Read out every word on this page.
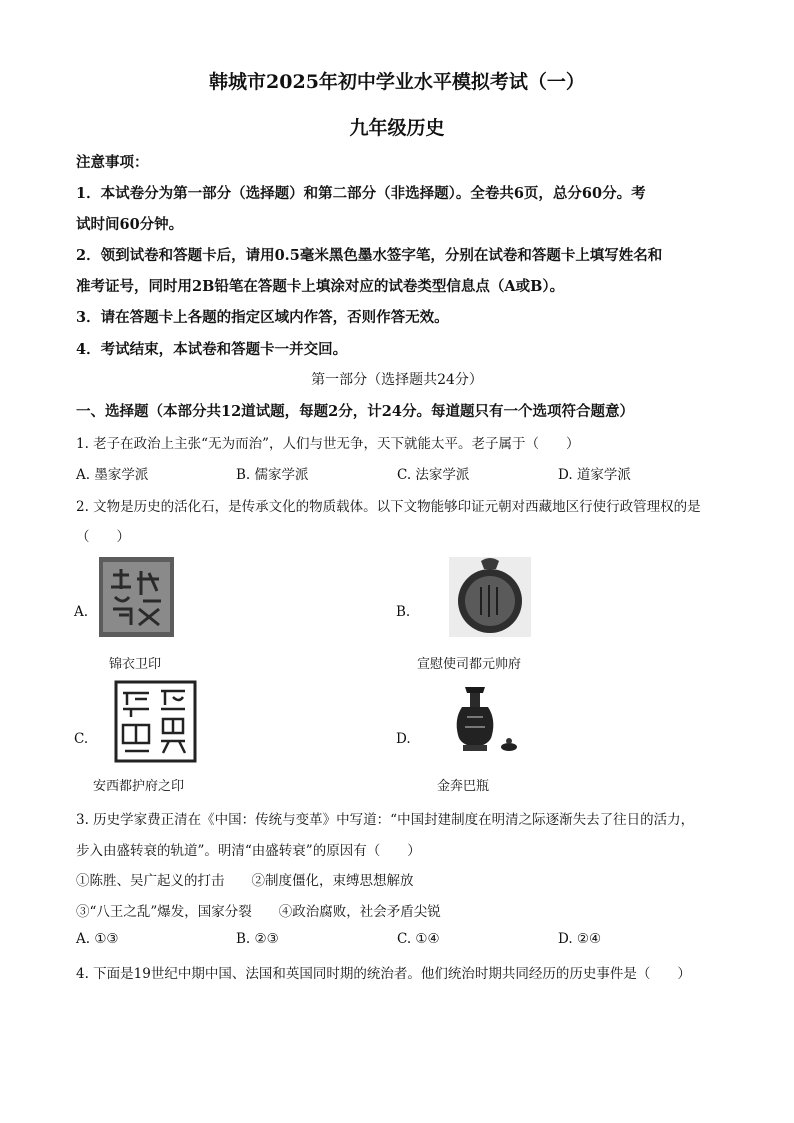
韩城市2025年初中学业水平模拟考试（一）
九年级历史
注意事项：
1．本试卷分为第一部分（选择题）和第二部分（非选择题）。全卷共6页，总分60分。考
试时间60分钟。
2．领到试卷和答题卡后，请用0.5毫米黑色墨水签字笔，分别在试卷和答题卡上填写姓名和
准考证号，同时用2B铅笔在答题卡上填涂对应的试卷类型信息点（A或B）。
3．请在答题卡上各题的指定区域内作答，否则作答无效。
4．考试结束，本试卷和答题卡一并交回。
第一部分（选择题共24分）
一、选择题（本部分共12道试题，每题2分，计24分。每道题只有一个选项符合题意）
1. 老子在政治上主张“无为而治”，人们与世无争，天下就能太平。老子属于（　　）
A. 墨家学派	B. 儒家学派	C. 法家学派	D. 道家学派
2. 文物是历史的活化石，是传承文化的物质载体。以下文物能够印证元朝对西藏地区行使行政管理权的是
（　　）
A.
锦衣卫印
B.
宣慰使司都元帅府
C.
安西都护府之印
D.
金奔巴瓶
3. 历史学家费正清在《中国：传统与变革》中写道：“中国封建制度在明清之际逐渐失去了往日的活力，
步入由盛转衰的轨道”。明清“由盛转衰”的原因有（　　）
①陈胜、吴广起义的打击　　②制度僵化，束缚思想解放
③“八王之乱”爆发，国家分裂　　④政治腐败，社会矛盾尖锐
A. ①③	B. ②③	C. ①④	D. ②④
4. 下面是19世纪中期中国、法国和英国同时期的统治者。他们统治时期共同经历的历史事件是（　　）
